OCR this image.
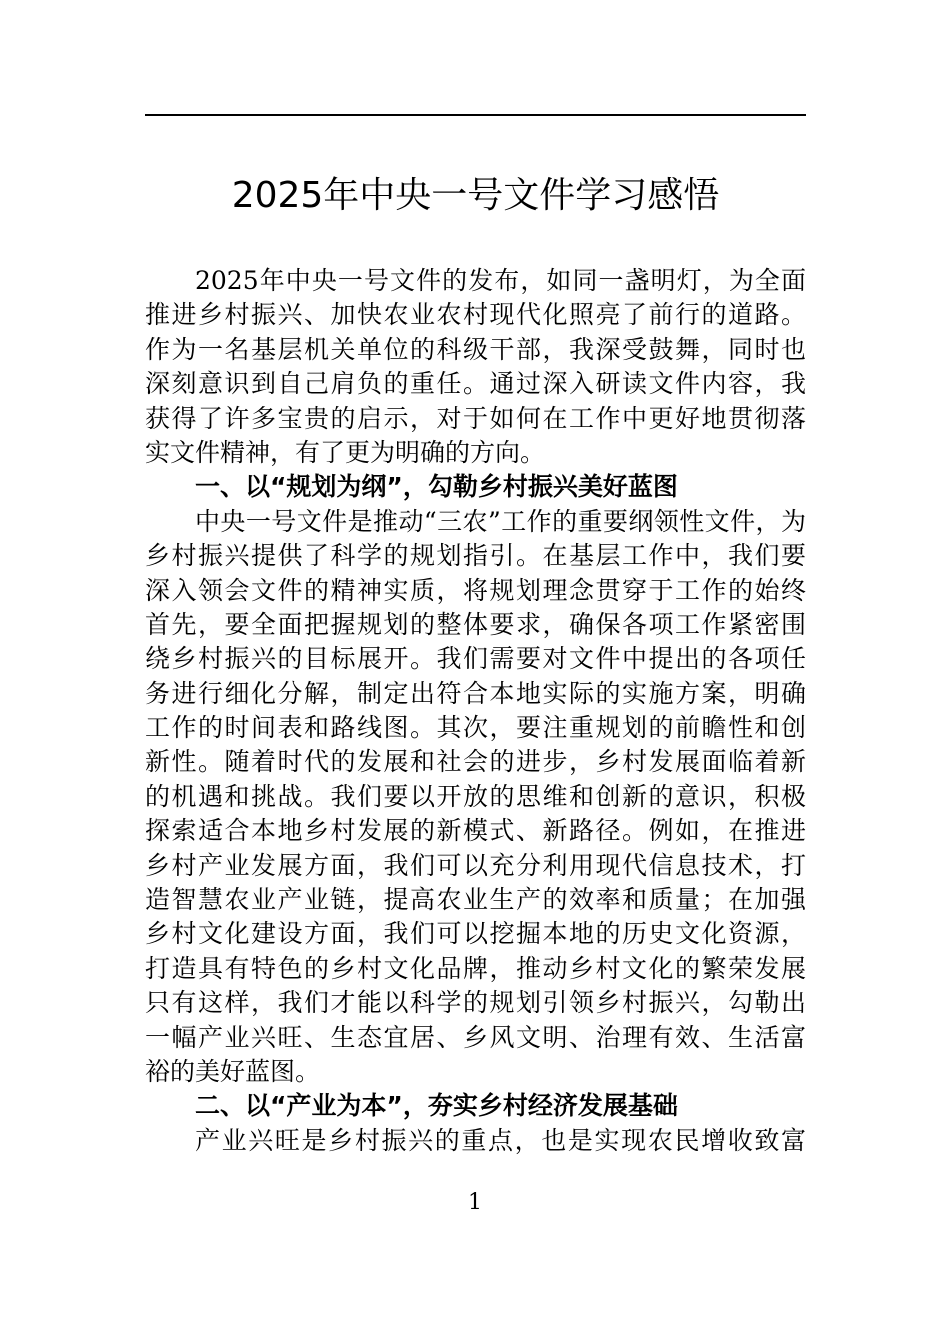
2025年中央一号文件学习感悟
2025年中央一号文件的发布，如同一盏明灯，为全面
推进乡村振兴、加快农业农村现代化照亮了前行的道路。
作为一名基层机关单位的科级干部，我深受鼓舞，同时也
深刻意识到自己肩负的重任。通过深入研读文件内容，我
获得了许多宝贵的启示，对于如何在工作中更好地贯彻落
实文件精神，有了更为明确的方向。
一、以“规划为纲”，勾勒乡村振兴美好蓝图
中央一号文件是推动“三农”工作的重要纲领性文件，为
乡村振兴提供了科学的规划指引。在基层工作中，我们要
深入领会文件的精神实质，将规划理念贯穿于工作的始终
首先，要全面把握规划的整体要求，确保各项工作紧密围
绕乡村振兴的目标展开。我们需要对文件中提出的各项任
务进行细化分解，制定出符合本地实际的实施方案，明确
工作的时间表和路线图。其次，要注重规划的前瞻性和创
新性。随着时代的发展和社会的进步，乡村发展面临着新
的机遇和挑战。我们要以开放的思维和创新的意识，积极
探索适合本地乡村发展的新模式、新路径。例如，在推进
乡村产业发展方面，我们可以充分利用现代信息技术，打
造智慧农业产业链，提高农业生产的效率和质量；在加强
乡村文化建设方面，我们可以挖掘本地的历史文化资源，
打造具有特色的乡村文化品牌，推动乡村文化的繁荣发展
只有这样，我们才能以科学的规划引领乡村振兴，勾勒出
一幅产业兴旺、生态宜居、乡风文明、治理有效、生活富
裕的美好蓝图。
二、以“产业为本”，夯实乡村经济发展基础
产业兴旺是乡村振兴的重点，也是实现农民增收致富
1
